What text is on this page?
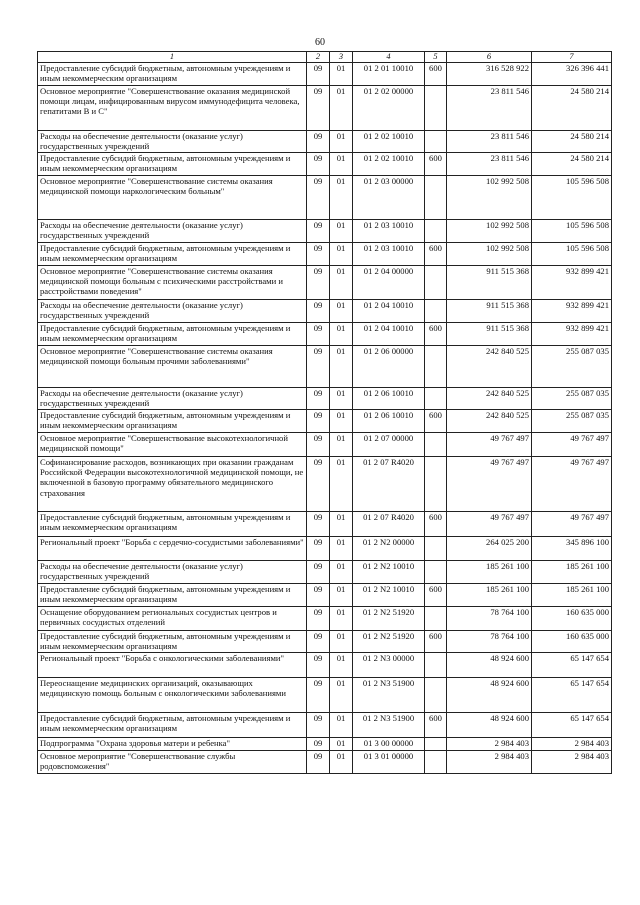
60
1	2	3	4	5	6	7
Предоставление субсидий бюджетным, автономным учреждениям и иным некоммерческим организациям	09	01	01 2 01 10010	600	316 528 922	326 396 441
Основное мероприятие "Совершенствование оказания медицинской помощи лицам, инфицированным вирусом иммунодефицита человека, гепатитами В и С"	09	01	01 2 02 00000		23 811 546	24 580 214
Расходы на обеспечение деятельности (оказание услуг) государственных учреждений	09	01	01 2 02 10010		23 811 546	24 580 214
Предоставление субсидий бюджетным, автономным учреждениям и иным некоммерческим организациям	09	01	01 2 02 10010	600	23 811 546	24 580 214
Основное мероприятие "Совершенствование системы оказания медицинской помощи наркологическим больным"	09	01	01 2 03 00000		102 992 508	105 596 508
Расходы на обеспечение деятельности (оказание услуг) государственных учреждений	09	01	01 2 03 10010		102 992 508	105 596 508
Предоставление субсидий бюджетным, автономным учреждениям и иным некоммерческим организациям	09	01	01 2 03 10010	600	102 992 508	105 596 508
Основное мероприятие "Совершенствование системы оказания медицинской помощи больным с психическими расстройствами и расстройствами поведения"	09	01	01 2 04 00000		911 515 368	932 899 421
Расходы на обеспечение деятельности (оказание услуг) государственных учреждений	09	01	01 2 04 10010		911 515 368	932 899 421
Предоставление субсидий бюджетным, автономным учреждениям и иным некоммерческим организациям	09	01	01 2 04 10010	600	911 515 368	932 899 421
Основное мероприятие "Совершенствование системы оказания медицинской помощи больным прочими заболеваниями"	09	01	01 2 06 00000		242 840 525	255 087 035
Расходы на обеспечение деятельности (оказание услуг) государственных учреждений	09	01	01 2 06 10010		242 840 525	255 087 035
Предоставление субсидий бюджетным, автономным учреждениям и иным некоммерческим организациям	09	01	01 2 06 10010	600	242 840 525	255 087 035
Основное мероприятие "Совершенствование высокотехнологичной медицинской помощи"	09	01	01 2 07 00000		49 767 497	49 767 497
Софинансирование расходов, возникающих при оказании гражданам Российской Федерации высокотехнологичной медицинской помощи, не включенной в базовую программу обязательного медицинского страхования	09	01	01 2 07 R4020		49 767 497	49 767 497
Предоставление субсидий бюджетным, автономным учреждениям и иным некоммерческим организациям	09	01	01 2 07 R4020	600	49 767 497	49 767 497
Региональный проект "Борьба с сердечно-сосудистыми заболеваниями"	09	01	01 2 N2 00000		264 025 200	345 896 100
Расходы на обеспечение деятельности (оказание услуг) государственных учреждений	09	01	01 2 N2 10010		185 261 100	185 261 100
Предоставление субсидий бюджетным, автономным учреждениям и иным некоммерческим организациям	09	01	01 2 N2 10010	600	185 261 100	185 261 100
Оснащение оборудованием региональных сосудистых центров и первичных сосудистых отделений	09	01	01 2 N2 51920		78 764 100	160 635 000
Предоставление субсидий бюджетным, автономным учреждениям и иным некоммерческим организациям	09	01	01 2 N2 51920	600	78 764 100	160 635 000
Региональный проект "Борьба с онкологическими заболеваниями"	09	01	01 2 N3 00000		48 924 600	65 147 654
Переоснащение медицинских организаций, оказывающих медицинскую помощь больным с онкологическими заболеваниями	09	01	01 2 N3 51900		48 924 600	65 147 654
Предоставление субсидий бюджетным, автономным учреждениям и иным некоммерческим организациям	09	01	01 2 N3 51900	600	48 924 600	65 147 654
Подпрограмма "Охрана здоровья матери и ребенка"	09	01	01 3 00 00000		2 984 403	2 984 403
Основное мероприятие "Совершенствование службы родовспоможения"	09	01	01 3 01 00000		2 984 403	2 984 403
